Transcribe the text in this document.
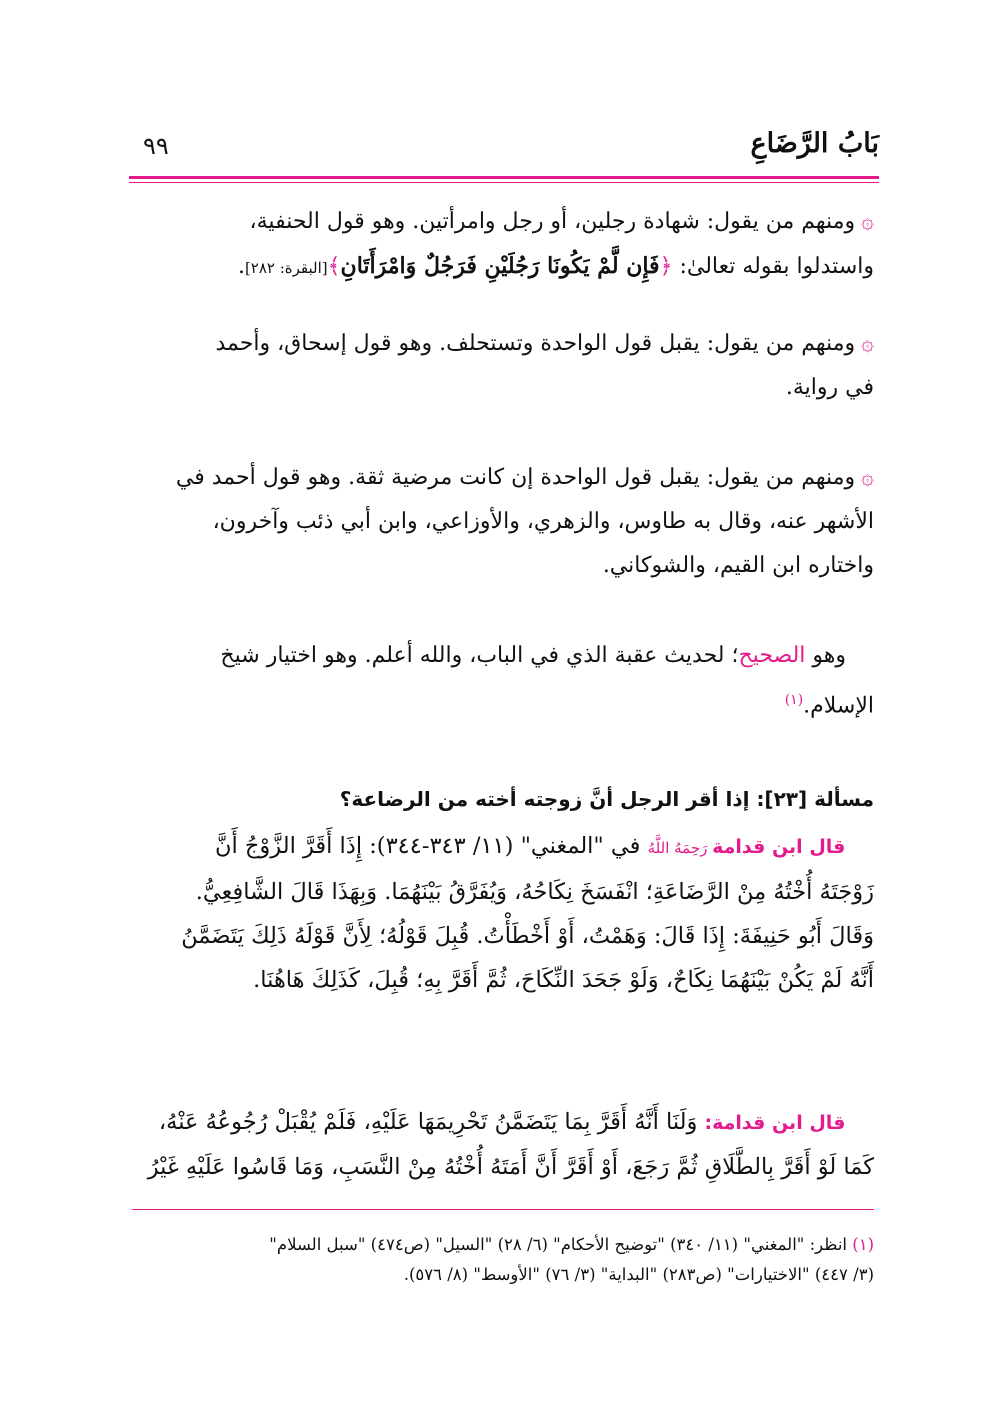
بَابُ الرَّضَاعِ
٩٩

۞ومنهم من يقول: شهادة رجلين، أو رجل وامرأتين. وهو قول الحنفية،
واستدلوا بقوله تعالىٰ: ﴿فَإِن لَّمْ يَكُونَا رَجُلَيْنِ فَرَجُلٌ وَامْرَأَتَانِ﴾[البقرة: ٢٨٢].

۞ومنهم من يقول: يقبل قول الواحدة وتستحلف. وهو قول إسحاق، وأحمد
في رواية.

۞ومنهم من يقول: يقبل قول الواحدة إن كانت مرضية ثقة. وهو قول أحمد في
الأشهر عنه، وقال به طاوس، والزهري، والأوزاعي، وابن أبي ذئب وآخرون،
واختاره ابن القيم، والشوكاني.

وهو الصحيح؛ لحديث عقبة الذي في الباب، والله أعلم. وهو اختيار شيخ
الإسلام.$^{(١)}$

مسألة [٢٣]: إذا أقر الرجل أنَّ زوجته أخته من الرضاعة؟

قال ابن قدامة رَحِمَهُ اللَّهُ في "المغني" (١١/ ٣٤٣-٣٤٤): إِذَا أَقَرَّ الزَّوْجُ أَنَّ
زَوْجَتَهُ أُخْتُهُ مِنْ الرَّضَاعَةِ؛ انْفَسَخَ نِكَاحُهُ، وَيُفَرَّقُ بَيْنَهُمَا. وَبِهَذَا قَالَ الشَّافِعِيُّ.
وَقَالَ أَبُو حَنِيفَةَ: إِذَا قَالَ: وَهَمْتُ، أَوْ أَخْطَأْتُ. قُبِلَ قَوْلُهُ؛ لِأَنَّ قَوْلَهُ ذَلِكَ يَتَضَمَّنُ
أَنَّهُ لَمْ يَكُنْ بَيْنَهُمَا نِكَاحٌ، وَلَوْ جَحَدَ النِّكَاحَ، ثُمَّ أَقَرَّ بِهِ؛ قُبِلَ، كَذَلِكَ هَاهُنَا.

قال ابن قدامة: وَلَنَا أَنَّهُ أَقَرَّ بِمَا يَتَضَمَّنُ تَحْرِيمَهَا عَلَيْهِ، فَلَمْ يُقْبَلْ رُجُوعُهُ عَنْهُ،
كَمَا لَوْ أَقَرَّ بِالطَّلَاقِ ثُمَّ رَجَعَ، أَوْ أَقَرَّ أَنَّ أَمَتَهُ أُخْتُهُ مِنْ النَّسَبِ، وَمَا قَاسُوا عَلَيْهِ غَيْرُ

(١) انظر: "المغني" (١١/ ٣٤٠) "توضيح الأحكام" (٦/ ٢٨) "السيل" (ص٤٧٤) "سبل السلام"
(٣/ ٤٤٧) "الاختيارات" (ص٢٨٣) "البداية" (٣/ ٧٦) "الأوسط" (٨/ ٥٧٦).
